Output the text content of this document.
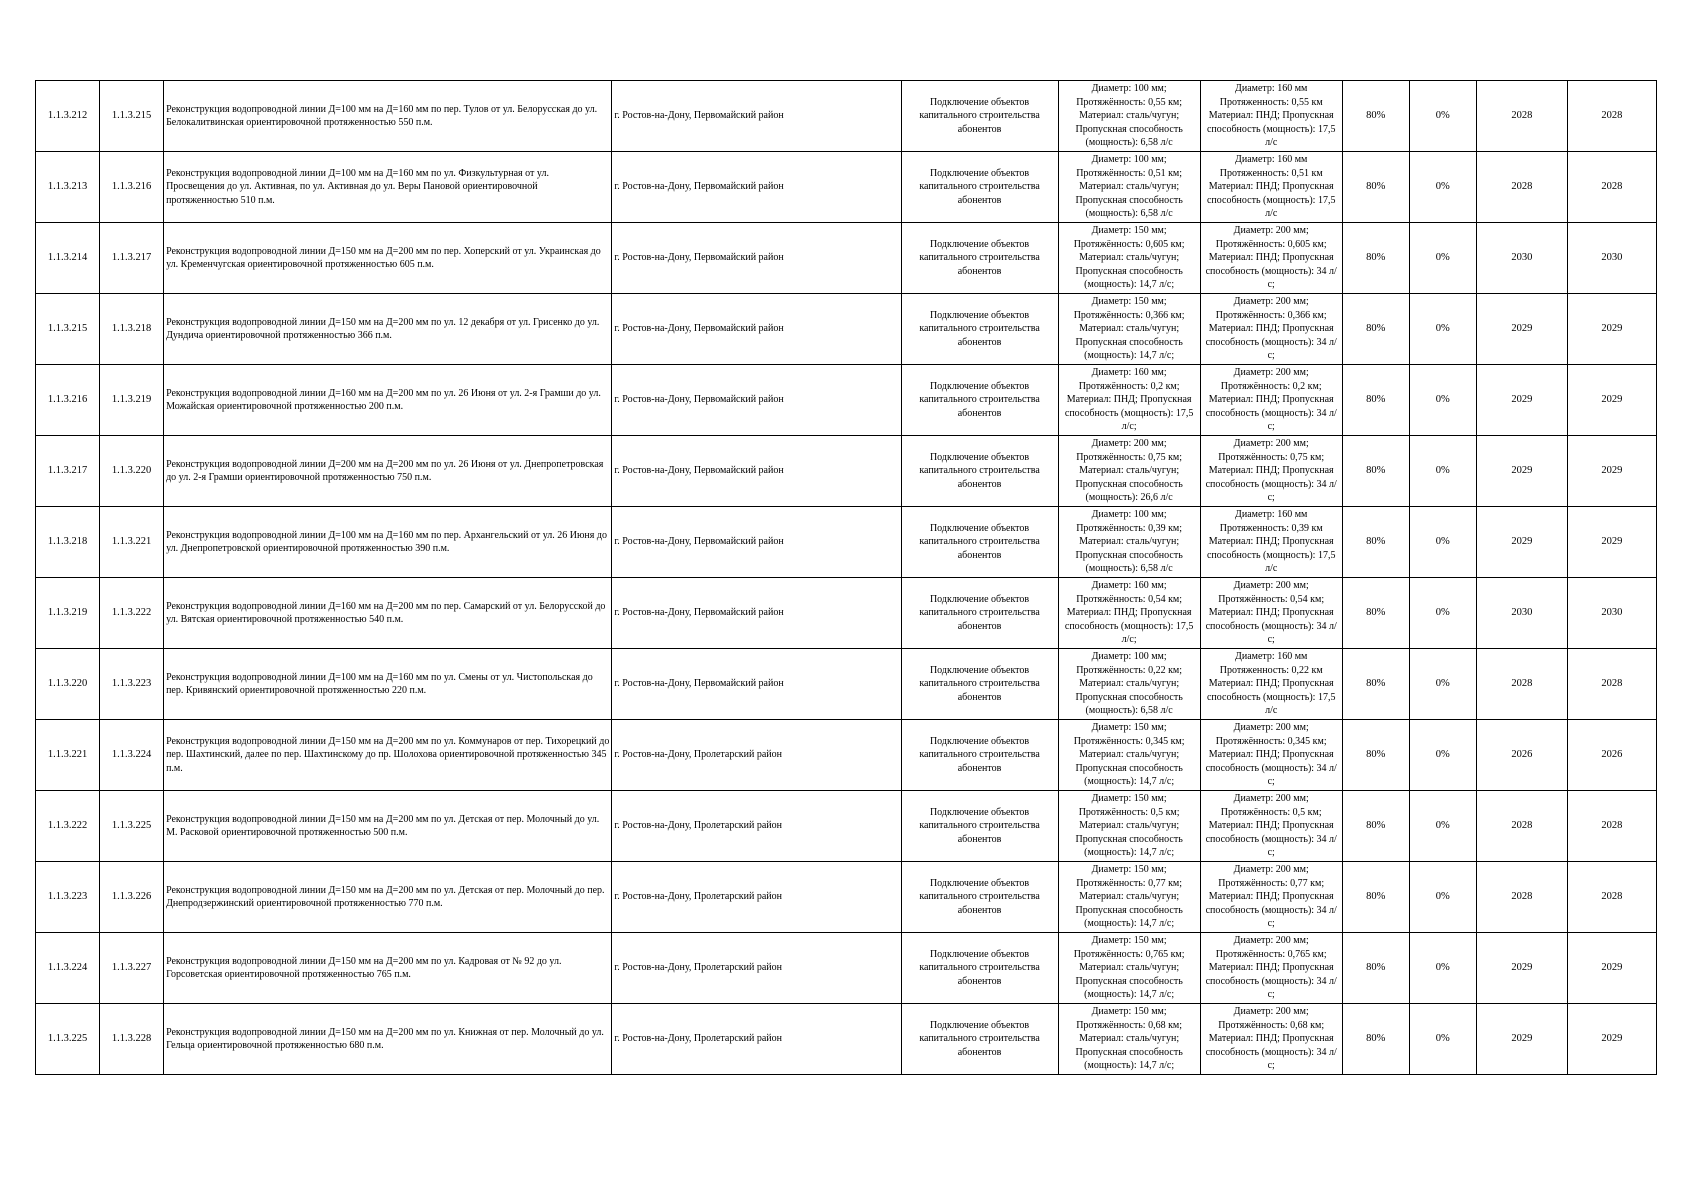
1.1.3.212	1.1.3.215	Реконструкция водопроводной линии Д=100 мм на Д=160 мм по пер. Тулов от ул. Белорусская до ул. Белокалитвинская ориентировочной протяженностью 550 п.м.	г. Ростов-на-Дону, Первомайский район	Подключение объектов капитального строительства абонентов	Диаметр: 100 мм; Протяжённость: 0,55 км; Материал: сталь/чугун; Пропускная способность (мощность): 6,58 л/с	Диаметр: 160 мм Протяженность: 0,55 км Материал: ПНД; Пропускная способность (мощность): 17,5 л/с	80%	0%	2028	2028
1.1.3.213	1.1.3.216	Реконструкция водопроводной линии Д=100 мм на Д=160 мм по ул. Физкультурная от ул. Просвещения до ул. Активная, по ул. Активная до ул. Веры Пановой ориентировочной протяженностью 510 п.м.	г. Ростов-на-Дону, Первомайский район	Подключение объектов капитального строительства абонентов	Диаметр: 100 мм; Протяжённость: 0,51 км; Материал: сталь/чугун; Пропускная способность (мощность): 6,58 л/с	Диаметр: 160 мм Протяженность: 0,51 км Материал: ПНД; Пропускная способность (мощность): 17,5 л/с	80%	0%	2028	2028
1.1.3.214	1.1.3.217	Реконструкция водопроводной линии Д=150 мм на Д=200 мм по пер. Хоперский от ул. Украинская до ул. Кременчугская ориентировочной протяженностью 605 п.м.	г. Ростов-на-Дону, Первомайский район	Подключение объектов капитального строительства абонентов	Диаметр: 150 мм; Протяжённость: 0,605 км; Материал: сталь/чугун; Пропускная способность (мощность): 14,7 л/с;	Диаметр: 200 мм; Протяжённость: 0,605 км; Материал: ПНД; Пропускная способность (мощность): 34 л/с;	80%	0%	2030	2030
1.1.3.215	1.1.3.218	Реконструкция водопроводной линии Д=150 мм на Д=200 мм по ул. 12 декабря от ул. Грисенко до ул. Дундича ориентировочной протяженностью 366 п.м.	г. Ростов-на-Дону, Первомайский район	Подключение объектов капитального строительства абонентов	Диаметр: 150 мм; Протяжённость: 0,366 км; Материал: сталь/чугун; Пропускная способность (мощность): 14,7 л/с;	Диаметр: 200 мм; Протяжённость: 0,366 км; Материал: ПНД; Пропускная способность (мощность): 34 л/с;	80%	0%	2029	2029
1.1.3.216	1.1.3.219	Реконструкция водопроводной линии Д=160 мм на Д=200 мм по ул. 26 Июня от ул. 2-я Грамши до ул. Можайская ориентировочной протяженностью 200 п.м.	г. Ростов-на-Дону, Первомайский район	Подключение объектов капитального строительства абонентов	Диаметр: 160 мм; Протяжённость: 0,2 км; Материал: ПНД; Пропускная способность (мощность): 17,5 л/с;	Диаметр: 200 мм; Протяжённость: 0,2 км; Материал: ПНД; Пропускная способность (мощность): 34 л/с;	80%	0%	2029	2029
1.1.3.217	1.1.3.220	Реконструкция водопроводной линии Д=200 мм на Д=200 мм по ул. 26 Июня от ул. Днепропетровская до ул. 2-я Грамши ориентировочной протяженностью 750 п.м.	г. Ростов-на-Дону, Первомайский район	Подключение объектов капитального строительства абонентов	Диаметр: 200 мм; Протяжённость: 0,75 км; Материал: сталь/чугун; Пропускная способность (мощность): 26,6 л/с	Диаметр: 200 мм; Протяжённость: 0,75 км; Материал: ПНД; Пропускная способность (мощность): 34 л/с;	80%	0%	2029	2029
1.1.3.218	1.1.3.221	Реконструкция водопроводной линии Д=100 мм на Д=160 мм по пер. Архангельский от ул. 26 Июня до ул. Днепропетровской ориентировочной протяженностью 390 п.м.	г. Ростов-на-Дону, Первомайский район	Подключение объектов капитального строительства абонентов	Диаметр: 100 мм; Протяжённость: 0,39 км; Материал: сталь/чугун; Пропускная способность (мощность): 6,58 л/с	Диаметр: 160 мм Протяженность: 0,39 км Материал: ПНД; Пропускная способность (мощность): 17,5 л/с	80%	0%	2029	2029
1.1.3.219	1.1.3.222	Реконструкция водопроводной линии Д=160 мм на Д=200 мм по пер. Самарский от ул. Белорусской до ул. Вятская ориентировочной протяженностью 540 п.м.	г. Ростов-на-Дону, Первомайский район	Подключение объектов капитального строительства абонентов	Диаметр: 160 мм; Протяжённость: 0,54 км; Материал: ПНД; Пропускная способность (мощность): 17,5 л/с;	Диаметр: 200 мм; Протяжённость: 0,54 км; Материал: ПНД; Пропускная способность (мощность): 34 л/с;	80%	0%	2030	2030
1.1.3.220	1.1.3.223	Реконструкция водопроводной линии Д=100 мм на Д=160 мм по ул. Смены от ул. Чистопольская до пер. Кривянский ориентировочной протяженностью 220 п.м.	г. Ростов-на-Дону, Первомайский район	Подключение объектов капитального строительства абонентов	Диаметр: 100 мм; Протяжённость: 0,22 км; Материал: сталь/чугун; Пропускная способность (мощность): 6,58 л/с	Диаметр: 160 мм Протяженность: 0,22 км Материал: ПНД; Пропускная способность (мощность): 17,5 л/с	80%	0%	2028	2028
1.1.3.221	1.1.3.224	Реконструкция водопроводной линии Д=150 мм на Д=200 мм по ул. Коммунаров от пер. Тихорецкий до пер. Шахтинский, далее по пер. Шахтинскому до пр. Шолохова ориентировочной протяженностью 345 п.м.	г. Ростов-на-Дону, Пролетарский район	Подключение объектов капитального строительства абонентов	Диаметр: 150 мм; Протяжённость: 0,345 км; Материал: сталь/чугун; Пропускная способность (мощность): 14,7 л/с;	Диаметр: 200 мм; Протяжённость: 0,345 км; Материал: ПНД; Пропускная способность (мощность): 34 л/с;	80%	0%	2026	2026
1.1.3.222	1.1.3.225	Реконструкция водопроводной линии Д=150 мм на Д=200 мм по ул. Детская от пер. Молочный до ул. М. Расковой ориентировочной протяженностью 500 п.м.	г. Ростов-на-Дону, Пролетарский район	Подключение объектов капитального строительства абонентов	Диаметр: 150 мм; Протяжённость: 0,5 км; Материал: сталь/чугун; Пропускная способность (мощность): 14,7 л/с;	Диаметр: 200 мм; Протяжённость: 0,5 км; Материал: ПНД; Пропускная способность (мощность): 34 л/с;	80%	0%	2028	2028
1.1.3.223	1.1.3.226	Реконструкция водопроводной линии Д=150 мм на Д=200 мм по ул. Детская от пер. Молочный до пер. Днепродзержинский ориентировочной протяженностью 770 п.м.	г. Ростов-на-Дону, Пролетарский район	Подключение объектов капитального строительства абонентов	Диаметр: 150 мм; Протяжённость: 0,77 км; Материал: сталь/чугун; Пропускная способность (мощность): 14,7 л/с;	Диаметр: 200 мм; Протяжённость: 0,77 км; Материал: ПНД; Пропускная способность (мощность): 34 л/с;	80%	0%	2028	2028
1.1.3.224	1.1.3.227	Реконструкция водопроводной линии Д=150 мм на Д=200 мм по ул. Кадровая от № 92 до ул. Горсоветская ориентировочной протяженностью 765 п.м.	г. Ростов-на-Дону, Пролетарский район	Подключение объектов капитального строительства абонентов	Диаметр: 150 мм; Протяжённость: 0,765 км; Материал: сталь/чугун; Пропускная способность (мощность): 14,7 л/с;	Диаметр: 200 мм; Протяжённость: 0,765 км; Материал: ПНД; Пропускная способность (мощность): 34 л/с;	80%	0%	2029	2029
1.1.3.225	1.1.3.228	Реконструкция водопроводной линии Д=150 мм на Д=200 мм по ул. Книжная от пер. Молочный до ул. Гельца ориентировочной протяженностью 680 п.м.	г. Ростов-на-Дону, Пролетарский район	Подключение объектов капитального строительства абонентов	Диаметр: 150 мм; Протяжённость: 0,68 км; Материал: сталь/чугун; Пропускная способность (мощность): 14,7 л/с;	Диаметр: 200 мм; Протяжённость: 0,68 км; Материал: ПНД; Пропускная способность (мощность): 34 л/с;	80%	0%	2029	2029
